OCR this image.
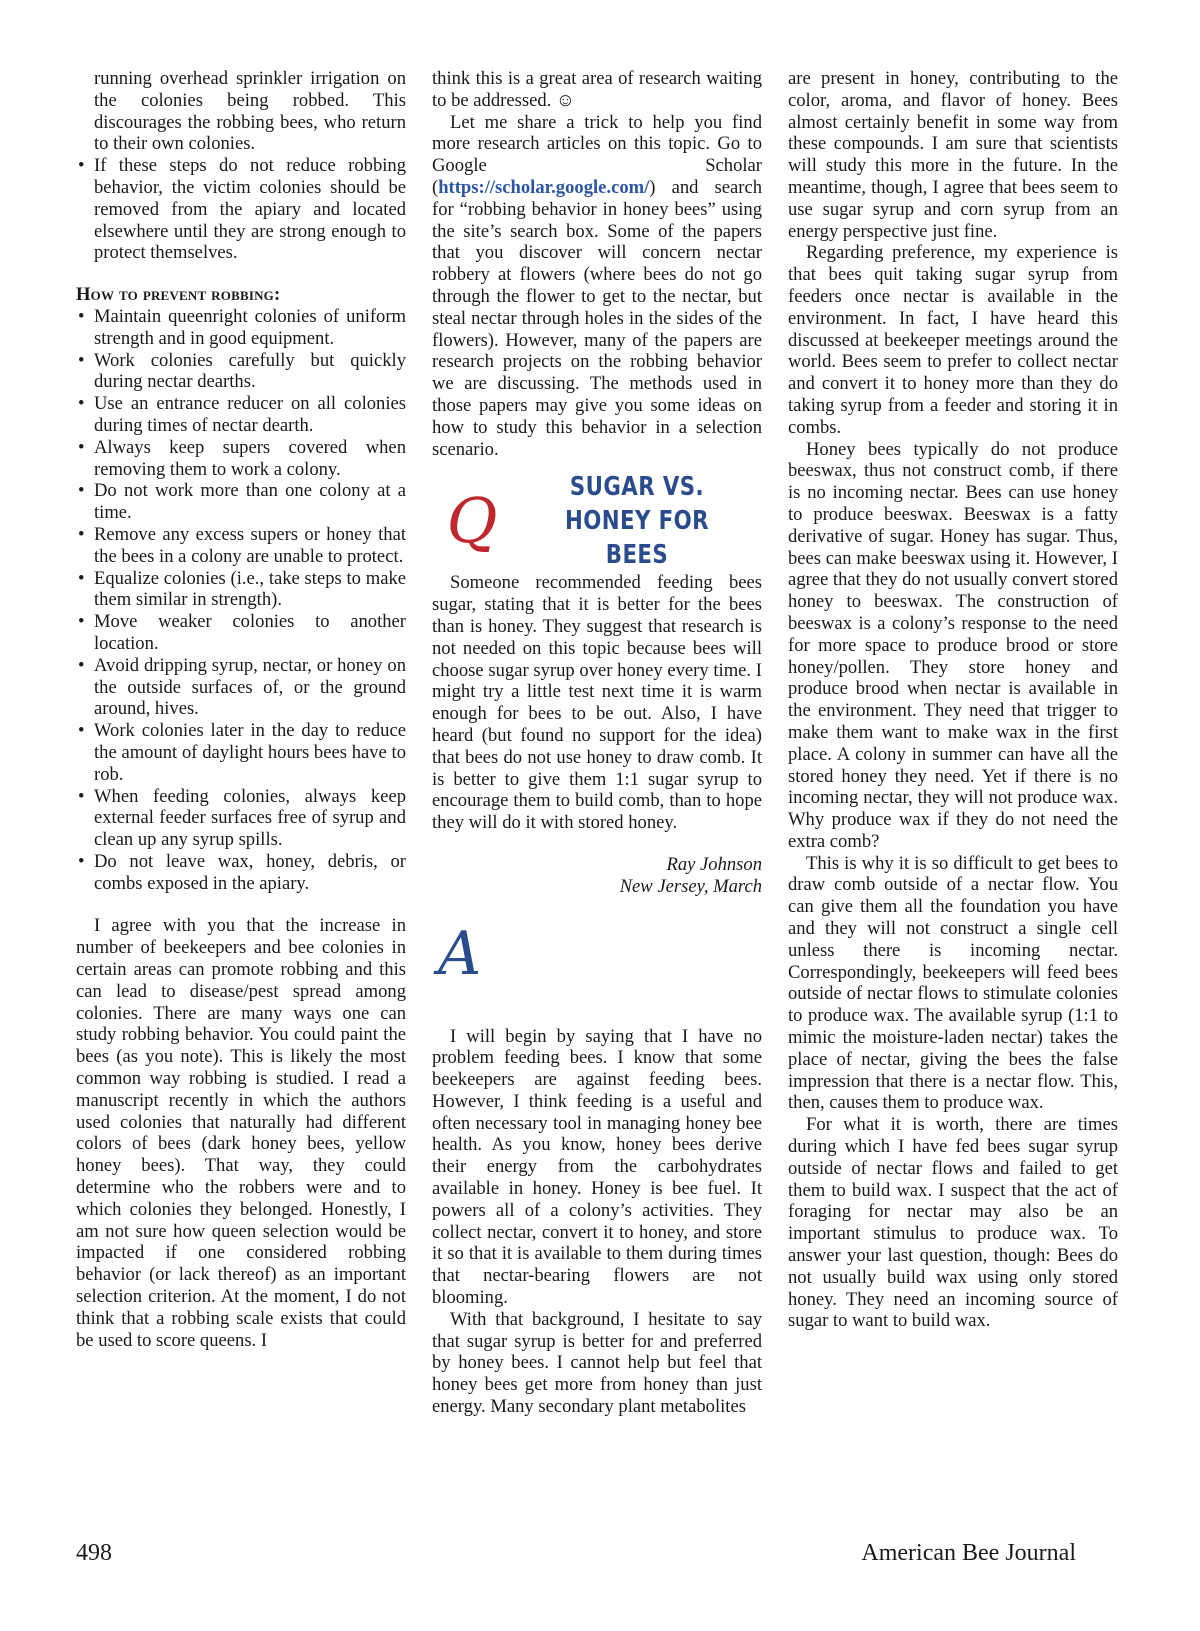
running overhead sprinkler irrigation on the colonies being robbed. This discourages the robbing bees, who return to their own colonies.
• If these steps do not reduce robbing behavior, the victim colonies should be removed from the apiary and located elsewhere until they are strong enough to protect themselves.
How to prevent robbing:
• Maintain queenright colonies of uniform strength and in good equipment.
• Work colonies carefully but quickly during nectar dearths.
• Use an entrance reducer on all colonies during times of nectar dearth.
• Always keep supers covered when removing them to work a colony.
• Do not work more than one colony at a time.
• Remove any excess supers or honey that the bees in a colony are unable to protect.
• Equalize colonies (i.e., take steps to make them similar in strength).
• Move weaker colonies to another location.
• Avoid dripping syrup, nectar, or honey on the outside surfaces of, or the ground around, hives.
• Work colonies later in the day to reduce the amount of daylight hours bees have to rob.
• When feeding colonies, always keep external feeder surfaces free of syrup and clean up any syrup spills.
• Do not leave wax, honey, debris, or combs exposed in the apiary.

I agree with you that the increase in number of beekeepers and bee colonies in certain areas can promote robbing and this can lead to disease/pest spread among colonies. There are many ways one can study robbing behavior. You could paint the bees (as you note). This is likely the most common way robbing is studied. I read a manuscript recently in which the authors used colonies that naturally had different colors of bees (dark honey bees, yellow honey bees). That way, they could determine who the robbers were and to which colonies they belonged. Honestly, I am not sure how queen selection would be impacted if one considered robbing behavior (or lack thereof) as an important selection criterion. At the moment, I do not think that a robbing scale exists that could be used to score queens. I

think this is a great area of research waiting to be addressed. ☺

Let me share a trick to help you find more research articles on this topic. Go to Google Scholar (https://scholar.google.com/) and search for “robbing behavior in honey bees” using the site’s search box. Some of the papers that you discover will concern nectar robbery at flowers (where bees do not go through the flower to get to the nectar, but steal nectar through holes in the sides of the flowers). However, many of the papers are research projects on the robbing behavior we are discussing. The methods used in those papers may give you some ideas on how to study this behavior in a selection scenario.

Q	SUGAR VS.
HONEY FOR BEES

Someone recommended feeding bees sugar, stating that it is better for the bees than is honey. They suggest that research is not needed on this topic because bees will choose sugar syrup over honey every time. I might try a little test next time it is warm enough for bees to be out. Also, I have heard (but found no support for the idea) that bees do not use honey to draw comb. It is better to give them 1:1 sugar syrup to encourage them to build comb, than to hope they will do it with stored honey.

Ray Johnson
New Jersey, March
A

I will begin by saying that I have no problem feeding bees. I know that some beekeepers are against feeding bees. However, I think feeding is a useful and often necessary tool in managing honey bee health. As you know, honey bees derive their energy from the carbohydrates available in honey. Honey is bee fuel. It powers all of a colony’s activities. They collect nectar, convert it to honey, and store it so that it is available to them during times that nectar-bearing flowers are not blooming.

With that background, I hesitate to say that sugar syrup is better for and preferred by honey bees. I cannot help but feel that honey bees get more from honey than just energy. Many secondary plant metabolites

are present in honey, contributing to the color, aroma, and flavor of honey. Bees almost certainly benefit in some way from these compounds. I am sure that scientists will study this more in the future. In the meantime, though, I agree that bees seem to use sugar syrup and corn syrup from an energy perspective just fine.

Regarding preference, my experience is that bees quit taking sugar syrup from feeders once nectar is available in the environment. In fact, I have heard this discussed at beekeeper meetings around the world. Bees seem to prefer to collect nectar and convert it to honey more than they do taking syrup from a feeder and storing it in combs.

Honey bees typically do not produce beeswax, thus not construct comb, if there is no incoming nectar. Bees can use honey to produce beeswax. Beeswax is a fatty derivative of sugar. Honey has sugar. Thus, bees can make beeswax using it. However, I agree that they do not usually convert stored honey to beeswax. The construction of beeswax is a colony’s response to the need for more space to produce brood or store honey/pollen. They store honey and produce brood when nectar is available in the environment. They need that trigger to make them want to make wax in the first place. A colony in summer can have all the stored honey they need. Yet if there is no incoming nectar, they will not produce wax. Why produce wax if they do not need the extra comb?

This is why it is so difficult to get bees to draw comb outside of a nectar flow. You can give them all the foundation you have and they will not construct a single cell unless there is incoming nectar. Correspondingly, beekeepers will feed bees outside of nectar flows to stimulate colonies to produce wax. The available syrup (1:1 to mimic the moisture-laden nectar) takes the place of nectar, giving the bees the false impression that there is a nectar flow. This, then, causes them to produce wax.

For what it is worth, there are times during which I have fed bees sugar syrup outside of nectar flows and failed to get them to build wax. I suspect that the act of foraging for nectar may also be an important stimulus to produce wax. To answer your last question, though: Bees do not usually build wax using only stored honey. They need an incoming source of sugar to want to build wax.

498	American Bee Journal
